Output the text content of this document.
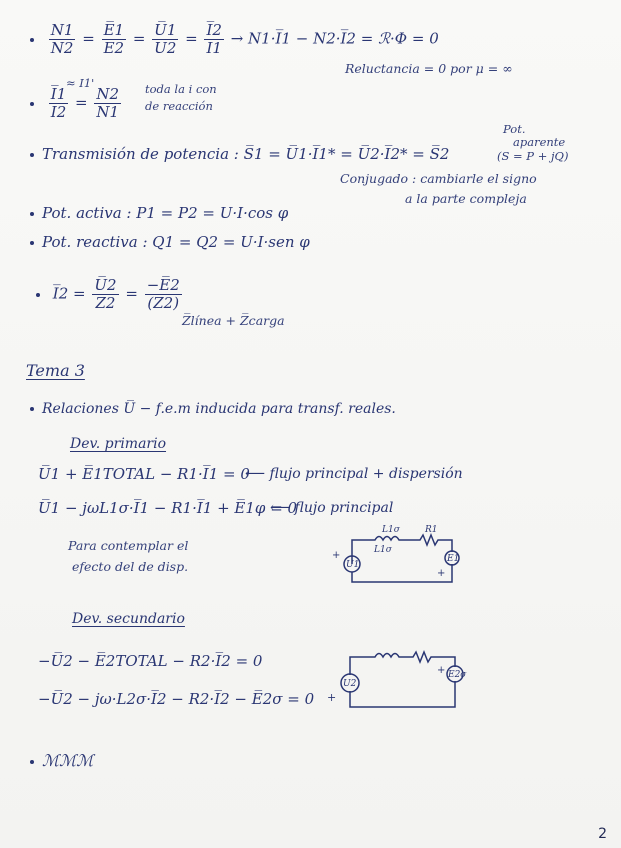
$\frac{N1}{N2} = \frac{E̅1}{E̅2} = \frac{U̅1}{U̅2} = \frac{I̅2}{I̅1}$ → N1·I̅1 − N2·I̅2 = ℛ·Φ = 0
Reluctancia = 0 por μ = ∞

$\frac{I̅1}{I̅2} = \frac{N2}{N1}$
≈ I1'	toda la i con
de reacción
Transmisión de potencia : S̅1 = U̅1·I̅1* = U̅2·I̅2* = S̅2
Pot.
aparente
(S = P + jQ)
Conjugado : cambiarle el signo
a la parte compleja
Pot. activa : P1 = P2 = U·I·cos φ
Pot. reactiva : Q1 = Q2 = U·I·sen φ
I̅2 = $\frac{U̅2}{Z̅2} = \frac{-E̅2}{(Z̅2)}$
Z̅línea + Z̅carga
Tema 3
Relaciones U̅ − f.e.m inducida para transf. reales.
Dev. primario
U̅1 + E̅1TOTAL − R1·I̅1 = 0
⟵ flujo principal + dispersión
U̅1 − jωL1σ·I̅1 − R1·I̅1 + E̅1φ = 0
⟵ flujo principal
Para contemplar el
efecto del de disp.
L1σ	R1
L1σ
U1
E1
+
+
Dev. secundario
−U̅2 − E̅2TOTAL − R2·I̅2 = 0
−U̅2 − jω·L2σ·I̅2 − R2·I̅2 − E̅2σ = 0
U2
E2σ
+
+
ℳℳℳ
2
